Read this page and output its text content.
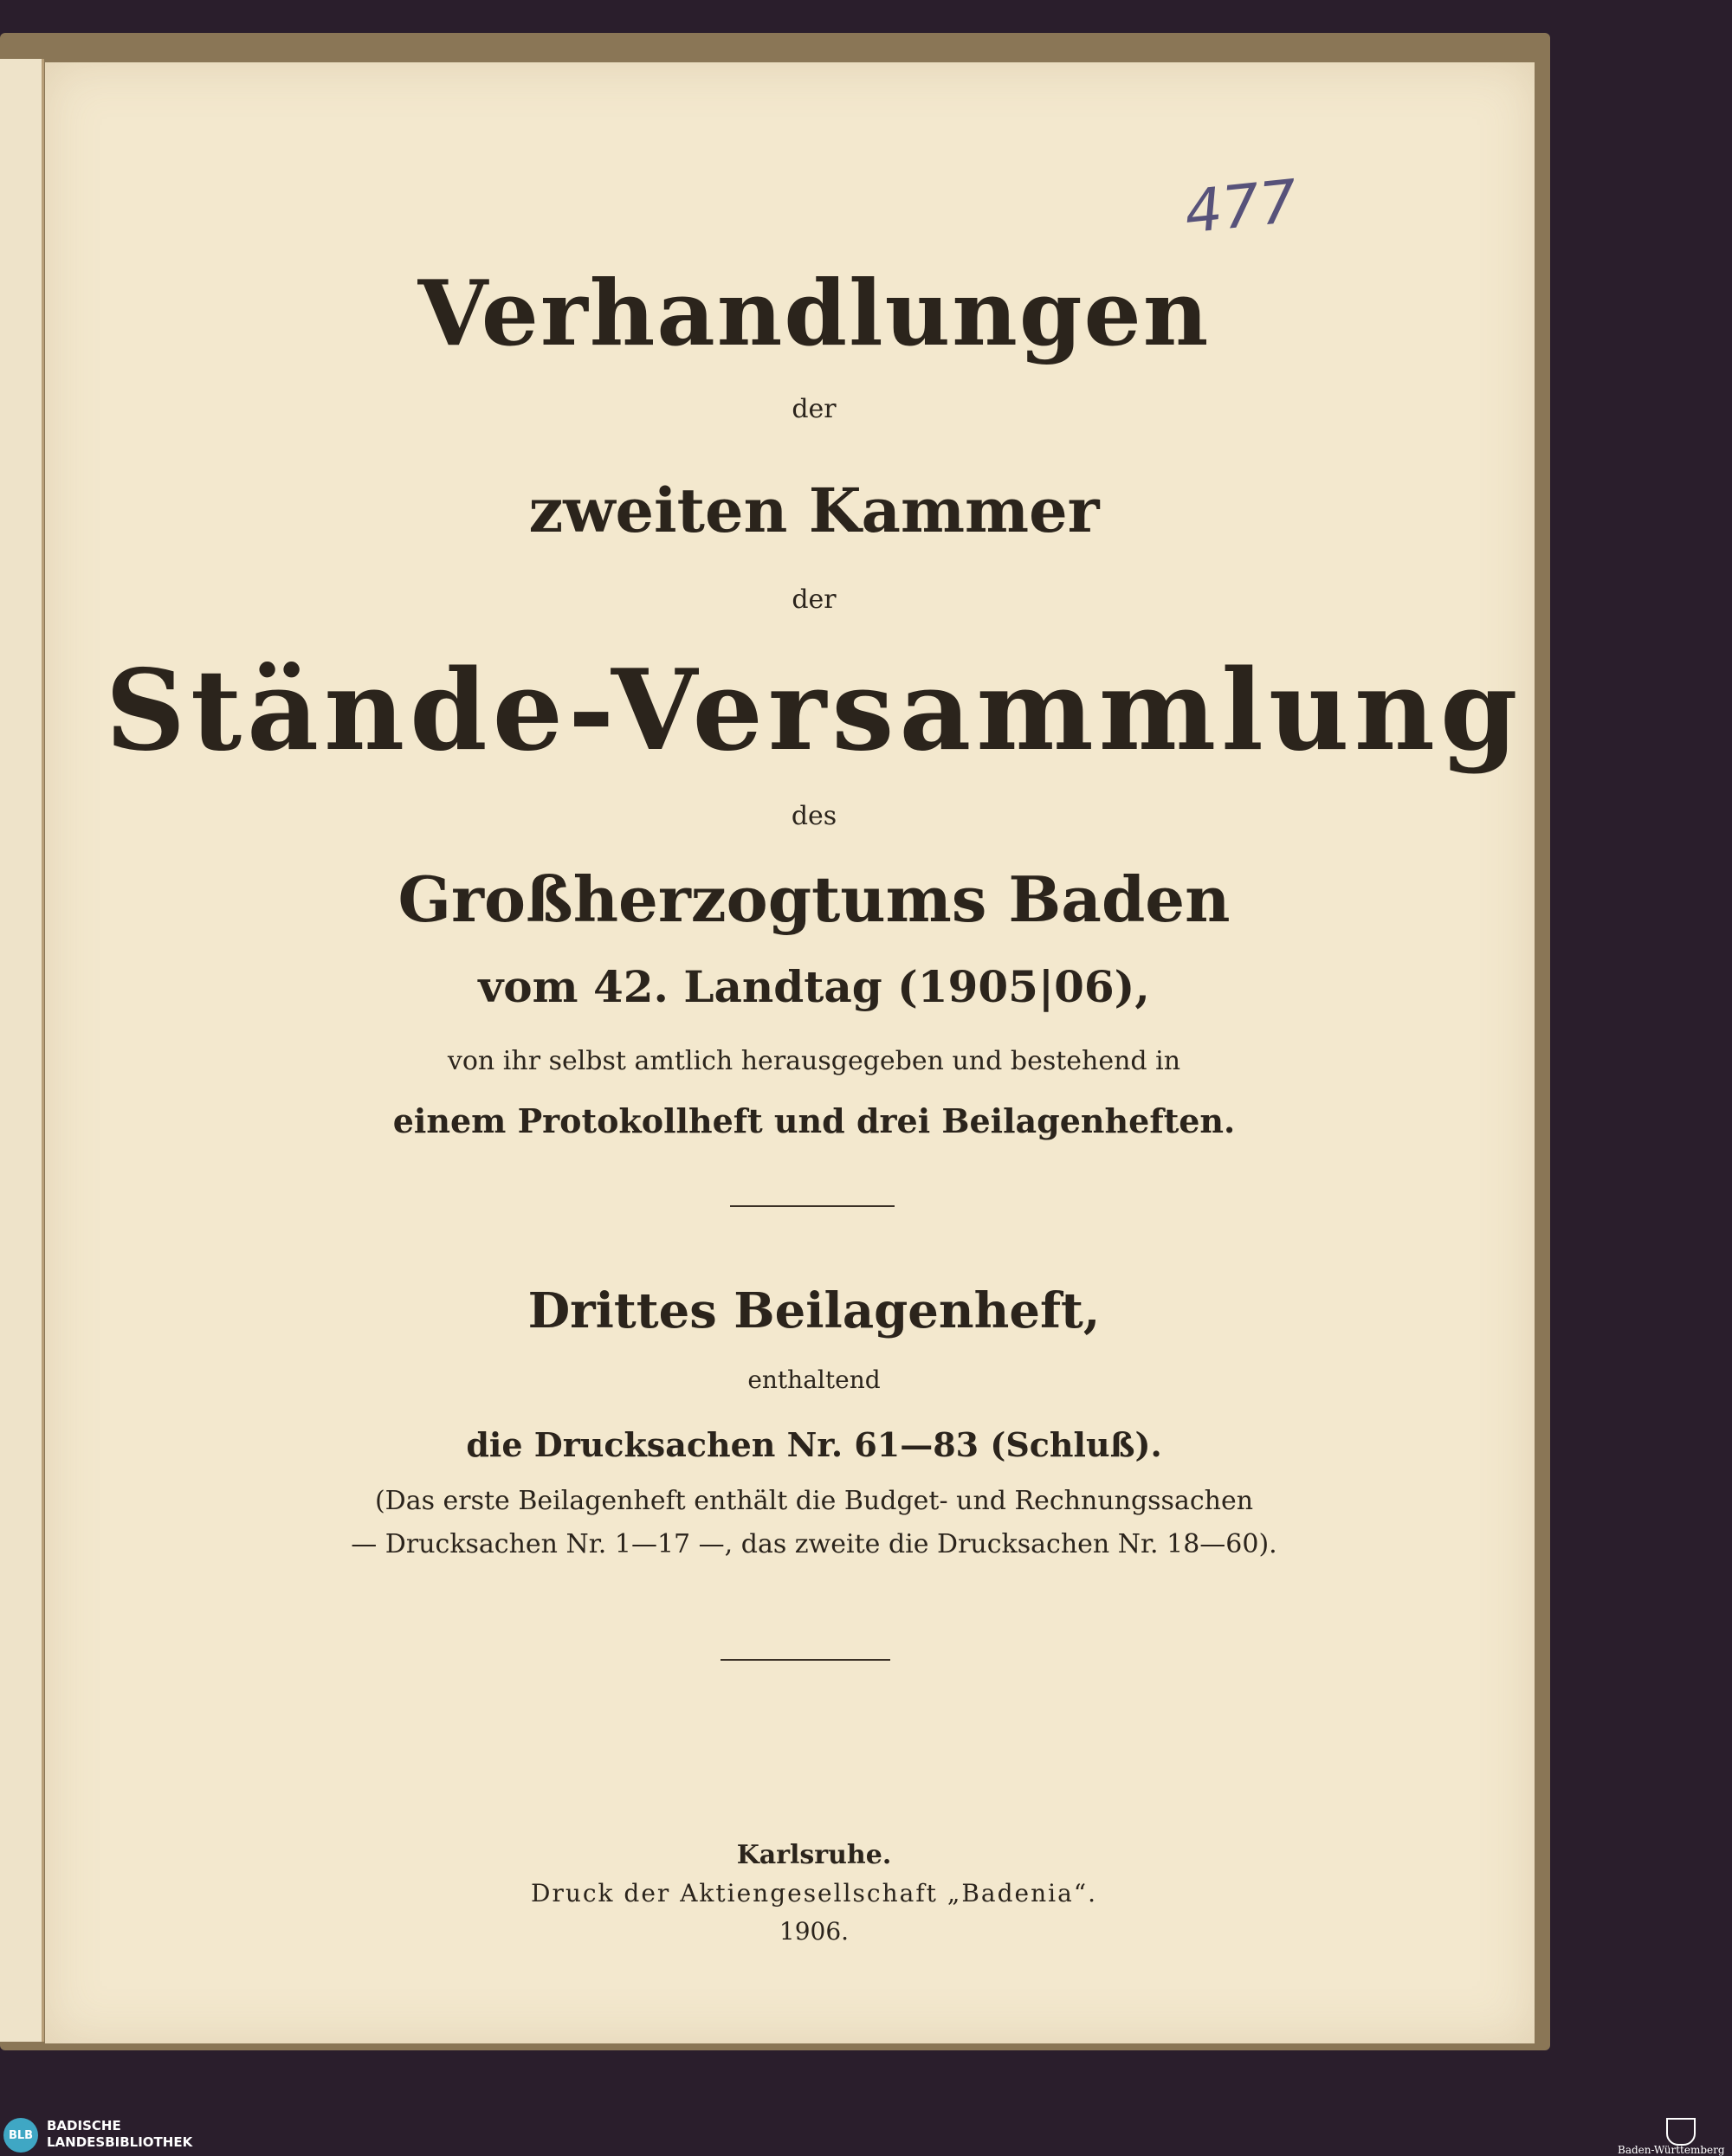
477

Verhandlungen

der

zweiten Kammer

der

Stände-Versammlung

des

Großherzogtums Baden

vom 42. Landtag (1905|06),

von ihr selbst amtlich herausgegeben und bestehend in

einem Protokollheft und drei Beilagenheften.

Drittes Beilagenheft,

enthaltend

die Drucksachen Nr. 61—83 (Schluß).

(Das erste Beilagenheft enthält die Budget- und Rechnungssachen

— Drucksachen Nr. 1—17 —, das zweite die Drucksachen Nr. 18—60).

Karlsruhe.

Druck der Aktiengesellschaft „Badenia“.

1906.

BLB
BADISCHE
LANDESBIBLIOTHEK	Baden-Württemberg
